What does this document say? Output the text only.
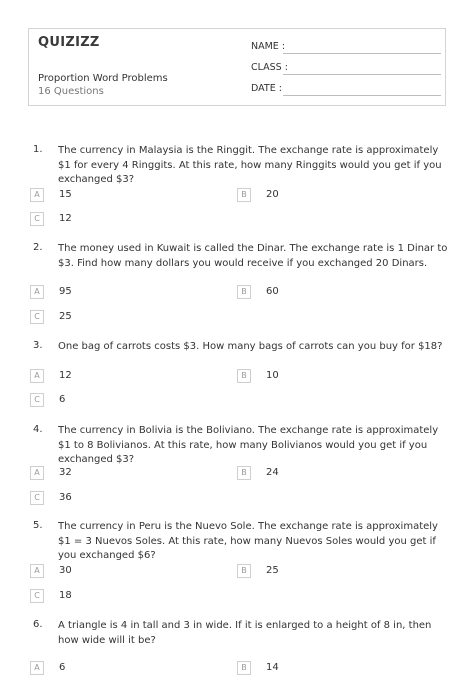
QUIZIZZ
Proportion Word Problems
16 Questions
NAME :
CLASS :
DATE :
1. The currency in Malaysia is the Ringgit. The exchange rate is approximately $1 for every 4 Ringgits. At this rate, how many Ringgits would you get if you exchanged $3?

A	15	B	20
C	12
2. The money used in Kuwait is called the Dinar. The exchange rate is 1 Dinar to $3. Find how many dollars you would receive if you exchanged 20 Dinars.

A	95	B	60
C	25
3. One bag of carrots costs $3. How many bags of carrots can you buy for $18?

A	12	B	10
C	6
4. The currency in Bolivia is the Boliviano. The exchange rate is approximately $1 to 8 Bolivianos. At this rate, how many Bolivianos would you get if you exchanged $3?

A	32	B	24
C	36
5. The currency in Peru is the Nuevo Sole. The exchange rate is approximately $1 = 3 Nuevos Soles. At this rate, how many Nuevos Soles would you get if you exchanged $6?

A	30	B	25
C	18
6. A triangle is 4 in tall and 3 in wide. If it is enlarged to a height of 8 in, then how wide will it be?

A	6	B	14
